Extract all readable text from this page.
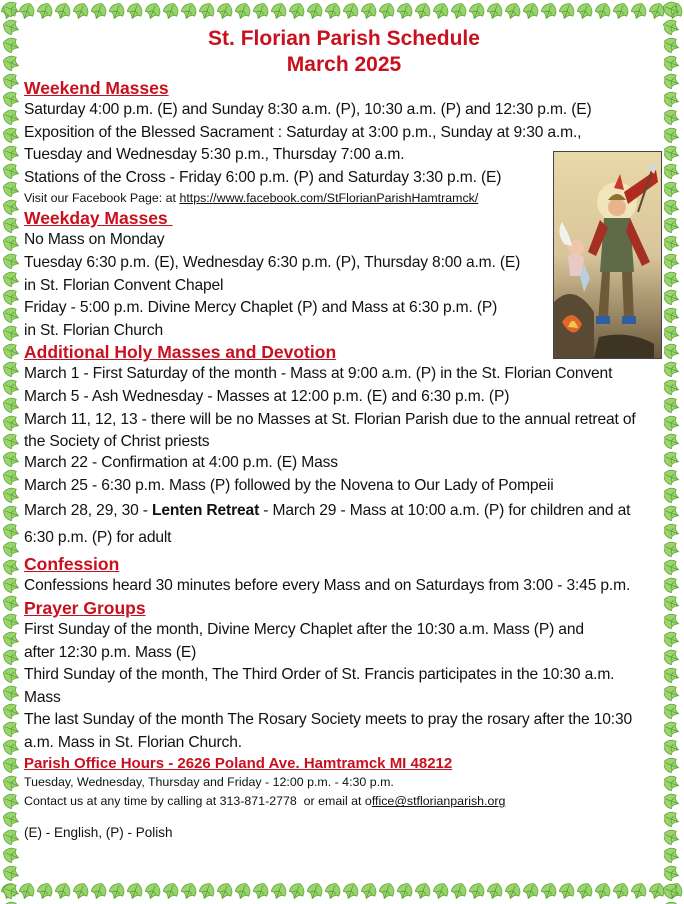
St. Florian Parish Schedule
March 2025
Weekend Masses
Saturday 4:00 p.m. (E) and Sunday 8:30 a.m. (P), 10:30 a.m. (P) and 12:30 p.m. (E)
Exposition of the Blessed Sacrament : Saturday at 3:00 p.m., Sunday at 9:30 a.m.,
Tuesday and Wednesday 5:30 p.m., Thursday 7:00 a.m.
Stations of the Cross - Friday 6:00 p.m. (P) and Saturday 3:30 p.m. (E)
Visit our Facebook Page: at https://www.facebook.com/StFlorianParishHamtramck/
Weekday Masses
No Mass on Monday
Tuesday 6:30 p.m. (E), Wednesday 6:30 p.m. (P), Thursday 8:00 a.m. (E)
in St. Florian Convent Chapel
Friday - 5:00 p.m. Divine Mercy Chaplet (P) and Mass at 6:30 p.m. (P)
in St. Florian Church
Additional Holy Masses and Devotion
March 1 - First Saturday of the month - Mass at 9:00 a.m. (P) in the St. Florian Convent
March 5 - Ash Wednesday - Masses at 12:00 p.m. (E) and 6:30 p.m. (P)
March 11, 12, 13 - there will be no Masses at St. Florian Parish due to the annual retreat of
the Society of Christ priests
March 22 - Confirmation at 4:00 p.m. (E) Mass
March 25 - 6:30 p.m. Mass (P) followed by the Novena to Our Lady of Pompeii
March 28, 29, 30 - Lenten Retreat - March 29 - Mass at 10:00 a.m. (P) for children and at
6:30 p.m. (P) for adult
Confession
Confessions heard 30 minutes before every Mass and on Saturdays from 3:00 - 3:45 p.m.
Prayer Groups
First Sunday of the month, Divine Mercy Chaplet after the 10:30 a.m. Mass (P) and
after 12:30 p.m. Mass (E)
Third Sunday of the month, The Third Order of St. Francis participates in the 10:30 a.m.
Mass
The last Sunday of the month The Rosary Society meets to pray the rosary after the 10:30
a.m. Mass in St. Florian Church.
Parish Office Hours - 2626 Poland Ave. Hamtramck MI 48212
Tuesday, Wednesday, Thursday and Friday - 12:00 p.m. - 4:30 p.m.
Contact us at any time by calling at 313-871-2778  or email at office@stflorianparish.org
(E) - English, (P) - Polish
